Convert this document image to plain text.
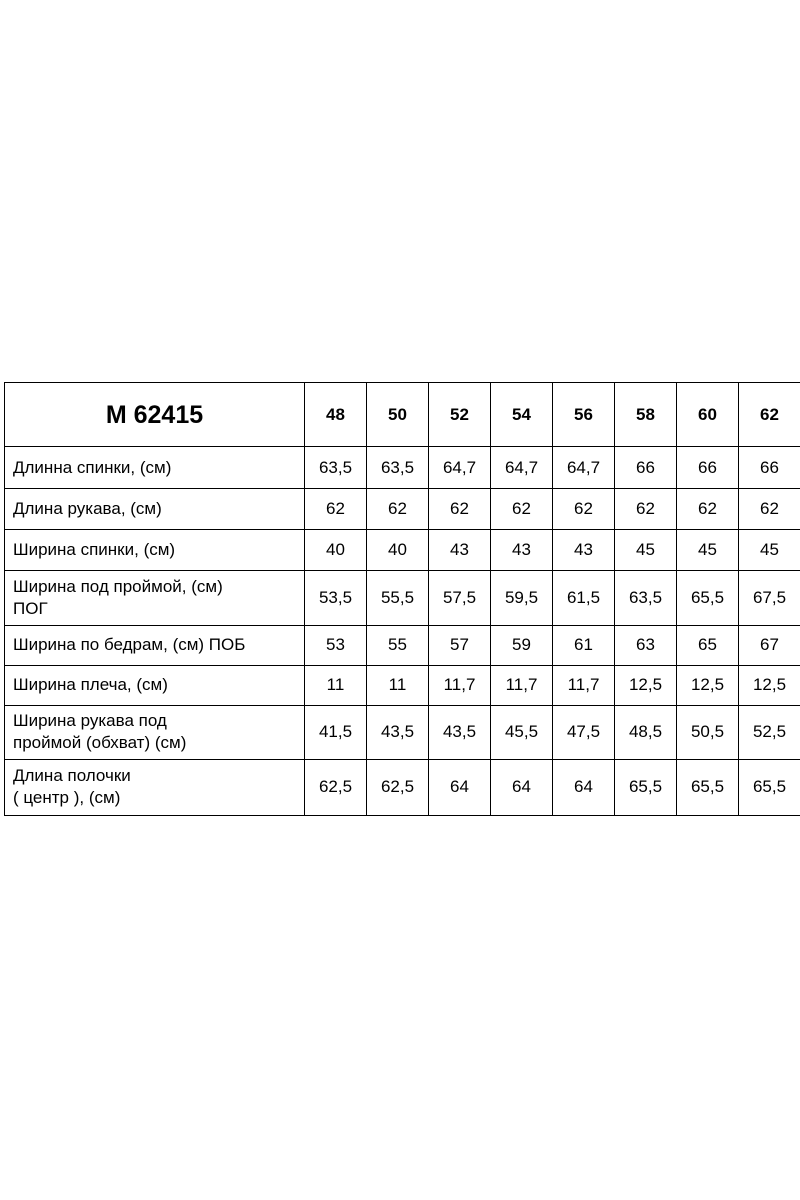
М 62415	48	50	52	54	56	58	60	62
Длинна спинки, (см)	63,5	63,5	64,7	64,7	64,7	66	66	66
Длина рукава, (см)	62	62	62	62	62	62	62	62
Ширина спинки, (см)	40	40	43	43	43	45	45	45
Ширина под проймой, (см)
ПОГ	53,5	55,5	57,5	59,5	61,5	63,5	65,5	67,5
Ширина по бедрам, (см) ПОБ	53	55	57	59	61	63	65	67
Ширина плеча, (см)	11	11	11,7	11,7	11,7	12,5	12,5	12,5
Ширина рукава под
проймой (обхват) (см)	41,5	43,5	43,5	45,5	47,5	48,5	50,5	52,5
Длина полочки
( центр ), (см)	62,5	62,5	64	64	64	65,5	65,5	65,5
